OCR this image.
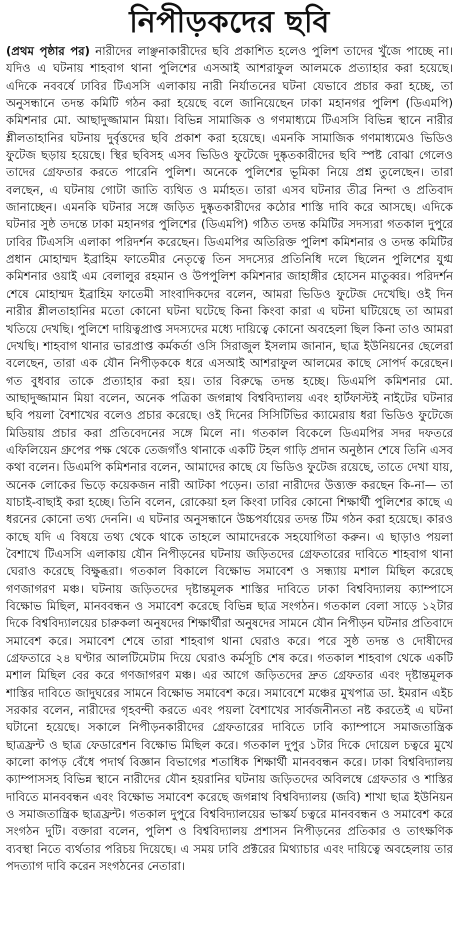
নিপীড়কদের ছবি

(প্রথম পৃষ্ঠার পর) নারীদের লাঞ্ছনাকারীদের ছবি প্রকাশিত হলেও পুলিশ তাদের খুঁজে পাচ্ছে না। যদিও এ ঘটনায় শাহবাগ থানা পুলিশের এসআই আশরাফুল আলমকে প্রত্যাহার করা হয়েছে। এদিকে নববর্ষে ঢাবির টিএসসি এলাকায় নারী নির্যাতনের ঘটনা যেভাবে প্রচার করা হচ্ছে, তা অনুসন্ধানে তদন্ত কমিটি গঠন করা হয়েছে বলে জানিয়েছেন ঢাকা মহানগর পুলিশ (ডিএমপি) কমিশনার মো. আছাদুজ্জামান মিয়া। বিভিন্ন সামাজিক ও গণমাধ্যমে টিএসসি বিভিন্ন স্থানে নারীর শ্লীলতাহানির ঘটনায় দুর্বৃত্তদের ছবি প্রকাশ করা হয়েছে। এমনকি সামাজিক গণমাধ্যমেও ভিডিও ফুটেজ ছড়ায় হয়েছে। স্থির ছবিসহ এসব ভিডিও ফুটেজে দুষ্কৃতকারীদের ছবি স্পষ্ট বোঝা গেলেও তাদের গ্রেফতার করতে পারেনি পুলিশ। অনেকে পুলিশের ভূমিকা নিয়ে প্রশ্ন তুলেছেন। তারা বলছেন, এ ঘটনায় গোটা জাতি ব্যথিত ও মর্মাহত। তারা এসব ঘটনার তীব্র নিন্দা ও প্রতিবাদ জানাচ্ছেন। এমনকি ঘটনার সঙ্গে জড়িত দুষ্কৃতকারীদের কঠোর শাস্তি দাবি করে আসছে। এদিকে ঘটনার সুষ্ঠ তদন্তে ঢাকা মহানগর পুলিশের (ডিএমপি) গঠিত তদন্ত কমিটির সদস্যরা গতকাল দুপুরে ঢাবির টিএসসি এলাকা পরিদর্শন করেছেন। ডিএমপির অতিরিক্ত পুলিশ কমিশনার ও তদন্ত কমিটির প্রধান মোহাম্মদ ইব্রাহিম ফাতেমীর নেতৃত্বে তিন সদস্যের প্রতিনিধি দলে ছিলেন পুলিশের যুগ্ম কমিশনার ওয়াই এম বেলালুর রহমান ও উপপুলিশ কমিশনার জাহাঙ্গীর হোসেন মাতুব্বর। পরিদর্শন শেষে মোহাম্মদ ইব্রাহিম ফাতেমী সাংবাদিকদের বলেন, আমরা ভিডিও ফুটেজ দেখেছি। ওই দিন নারীর শ্লীলতাহানির মতো কোনো ঘটনা ঘটেছে কিনা কিংবা কারা এ ঘটনা ঘটিয়েছে তা আমরা খতিয়ে দেখছি। পুলিশে দায়িত্বপ্রাপ্ত সদস্যদের মধ্যে দায়িত্বে কোনো অবহেলা ছিল কিনা তাও আমরা দেখছি। শাহবাগ থানার ভারপ্রাপ্ত কর্মকর্তা ওসি সিরাজুল ইসলাম জানান, ছাত্র ইউনিয়নের ছেলেরা বলেছেন, তারা এক যৌন নিপীড়ককে ধরে এসআই আশরাফুল আলমের কাছে সোপর্দ করেছেন। গত বুধবার তাকে প্রত্যাহার করা হয়। তার বিরুদ্ধে তদন্ত হচ্ছে। ডিএমপি কমিশনার মো. আছাদুজ্জামান মিয়া বলেন, অনেক পত্রিকা জগন্নাথ বিশ্ববিদ্যালয় এবং হার্টফাস্টই নাইটের ঘটনার ছবি পয়লা বৈশাখের বলেও প্রচার করেছে। ওই দিনের সিসিটিভির ক্যামেরায় ধরা ভিডিও ফুটেজে মিডিয়ায় প্রচার করা প্রতিবেদনের সঙ্গে মিলে না। গতকাল বিকেলে ডিএমপির সদর দফতরে এফিলিয়েন গ্রুপের পক্ষ থেকে তেজগাঁও থানাকে একটি টহল গাড়ি প্রদান অনুষ্ঠান শেষে তিনি এসব কথা বলেন। ডিএমপি কমিশনার বলেন, আমাদের কাছে যে ভিডিও ফুটেজ রয়েছে, তাতে দেখা যায়, অনেক লোকের ভিড়ে কয়েকজন নারী আটকা পড়েন। তারা নারীদের উত্ত্যক্ত করছেন কি-না— তা যাচাই-বাছাই করা হচ্ছে। তিনি বলেন, রোকেয়া হল কিংবা ঢাবির কোনো শিক্ষার্থী পুলিশের কাছে এ ধরনের কোনো তথ্য দেননি। এ ঘটনার অনুসন্ধানে উচ্চপর্যায়ের তদন্ত টিম গঠন করা হয়েছে। কারও কাছে যদি এ বিষয়ে তথ্য থেকে থাকে তাহলে আমাদেরকে সহযোগিতা করুন। এ ছাড়াও পয়লা বৈশাখে টিএসসি এলাকায় যৌন নিপীড়নের ঘটনায় জড়িতদের গ্রেফতারের দাবিতে শাহবাগ থানা ঘেরাও করেছে বিক্ষুব্ধরা। গতকাল বিকালে বিক্ষোভ সমাবেশ ও সন্ধ্যায় মশাল মিছিল করেছে গণজাগরণ মঞ্চ। ঘটনায় জড়িতদের দৃষ্টান্তমূলক শাস্তির দাবিতে ঢাকা বিশ্ববিদ্যালয় ক্যাম্পাসে বিক্ষোভ মিছিল, মানববন্ধন ও সমাবেশ করেছে বিভিন্ন ছাত্র সংগঠন। গতকাল বেলা সাড়ে ১২টার দিকে বিশ্ববিদ্যালয়ের চারুকলা অনুষদের শিক্ষার্থীরা অনুষদের সামনে যৌন নিপীড়ন ঘটনার প্রতিবাদে সমাবেশ করে। সমাবেশ শেষে তারা শাহবাগ থানা ঘেরাও করে। পরে সুষ্ঠ তদন্ত ও দোষীদের গ্রেফতারে ২৪ ঘণ্টার আলটিমেটাম দিয়ে ঘেরাও কর্মসূচি শেষ করে। গতকাল শাহবাগ থেকে একটি মশাল মিছিল বের করে গণজাগরণ মঞ্চ। এর আগে জড়িতদের দ্রুত গ্রেফতার এবং দৃষ্টান্তমূলক শাস্তির দাবিতে জাদুঘরের সামনে বিক্ষোভ সমাবেশ করে। সমাবেশে মঞ্চের মুখপাত্র ডা. ইমরান এইচ সরকার বলেন, নারীদের গৃহবন্দী করতে এবং পয়লা বৈশাখের সার্বজনীনতা নষ্ট করতেই এ ঘটনা ঘটানো হয়েছে। সকালে নিপীড়নকারীদের গ্রেফতারের দাবিতে ঢাবি ক্যাম্পাসে সমাজতান্ত্রিক ছাত্রফ্রন্ট ও ছাত্র ফেডারেশন বিক্ষোভ মিছিল করে। গতকাল দুপুর ১টার দিকে দোয়েল চত্বরে মুখে কালো কাপড় বেঁধে পদার্থ বিজ্ঞান বিভাগের শতাধিক শিক্ষার্থী মানববন্ধন করে। ঢাকা বিশ্ববিদ্যালয় ক্যাম্পাসসহ বিভিন্ন স্থানে নারীদের যৌন হয়রানির ঘটনায় জড়িতদের অবিলম্বে গ্রেফতার ও শাস্তির দাবিতে মানববন্ধন এবং বিক্ষোভ সমাবেশ করেছে জগন্নাথ বিশ্ববিদ্যালয় (জবি) শাখা ছাত্র ইউনিয়ন ও সমাজতান্ত্রিক ছাত্রফ্রন্ট। গতকাল দুপুরে বিশ্ববিদ্যালয়ের ভাস্কর্য চত্বরে মানববন্ধন ও সমাবেশ করে সংগঠন দুটি। বক্তারা বলেন, পুলিশ ও বিশ্ববিদ্যালয় প্রশাসন নিপীড়নের প্রতিকার ও তাৎক্ষণিক ব্যবস্থা নিতে ব্যর্থতার পরিচয় দিয়েছে। এ সময় ঢাবি প্রক্টরের মিথ্যাচার এবং দায়িত্বে অবহেলায় তার পদত্যাগ দাবি করেন সংগঠনের নেতারা।
